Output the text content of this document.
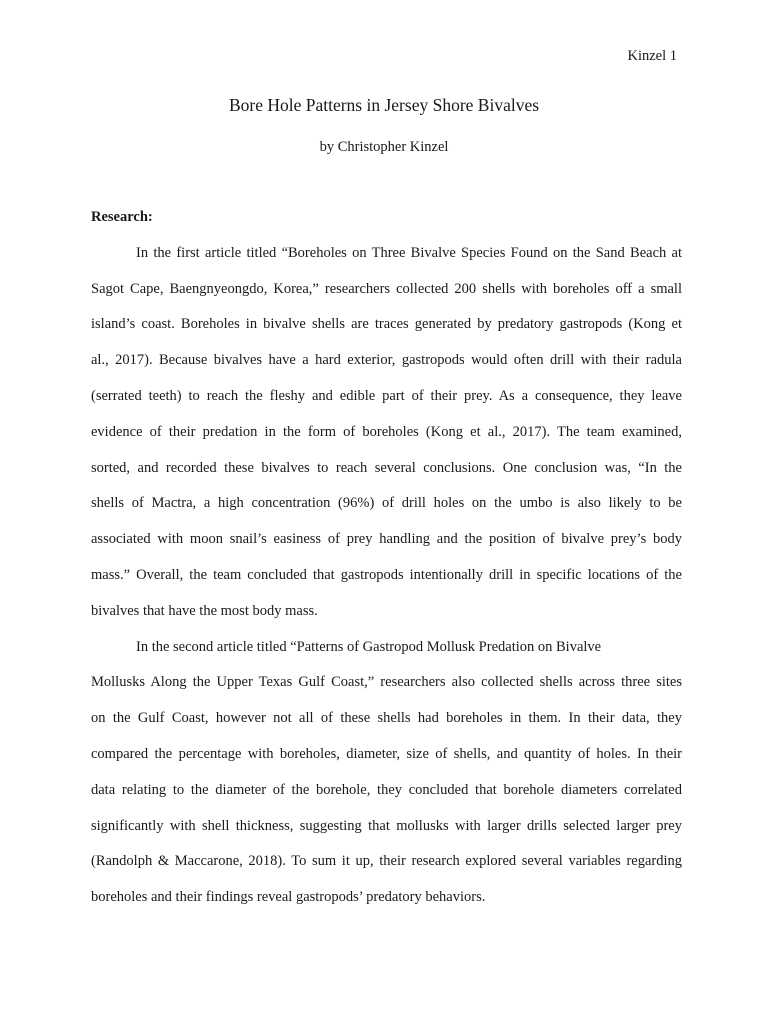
Kinzel 1
Bore Hole Patterns in Jersey Shore Bivalves
by Christopher Kinzel

Research:

In the first article titled “Boreholes on Three Bivalve Species Found on the Sand Beach at
Sagot Cape, Baengnyeongdo, Korea,” researchers collected 200 shells with boreholes off a small
island’s coast. Boreholes in bivalve shells are traces generated by predatory gastropods (Kong et
al., 2017). Because bivalves have a hard exterior, gastropods would often drill with their radula
(serrated teeth) to reach the fleshy and edible part of their prey. As a consequence, they leave
evidence of their predation in the form of boreholes (Kong et al., 2017). The team examined,
sorted, and recorded these bivalves to reach several conclusions. One conclusion was, “In the
shells of Mactra, a high concentration (96%) of drill holes on the umbo is also likely to be
associated with moon snail’s easiness of prey handling and the position of bivalve prey’s body
mass.” Overall, the team concluded that gastropods intentionally drill in specific locations of the
bivalves that have the most body mass.

In the second article titled “Patterns of Gastropod Mollusk Predation on Bivalve
Mollusks Along the Upper Texas Gulf Coast,” researchers also collected shells across three sites
on the Gulf Coast, however not all of these shells had boreholes in them. In their data, they
compared the percentage with boreholes, diameter, size of shells, and quantity of holes. In their
data relating to the diameter of the borehole, they concluded that borehole diameters correlated
significantly with shell thickness, suggesting that mollusks with larger drills selected larger prey
(Randolph & Maccarone, 2018). To sum it up, their research explored several variables regarding
boreholes and their findings reveal gastropods’ predatory behaviors.
